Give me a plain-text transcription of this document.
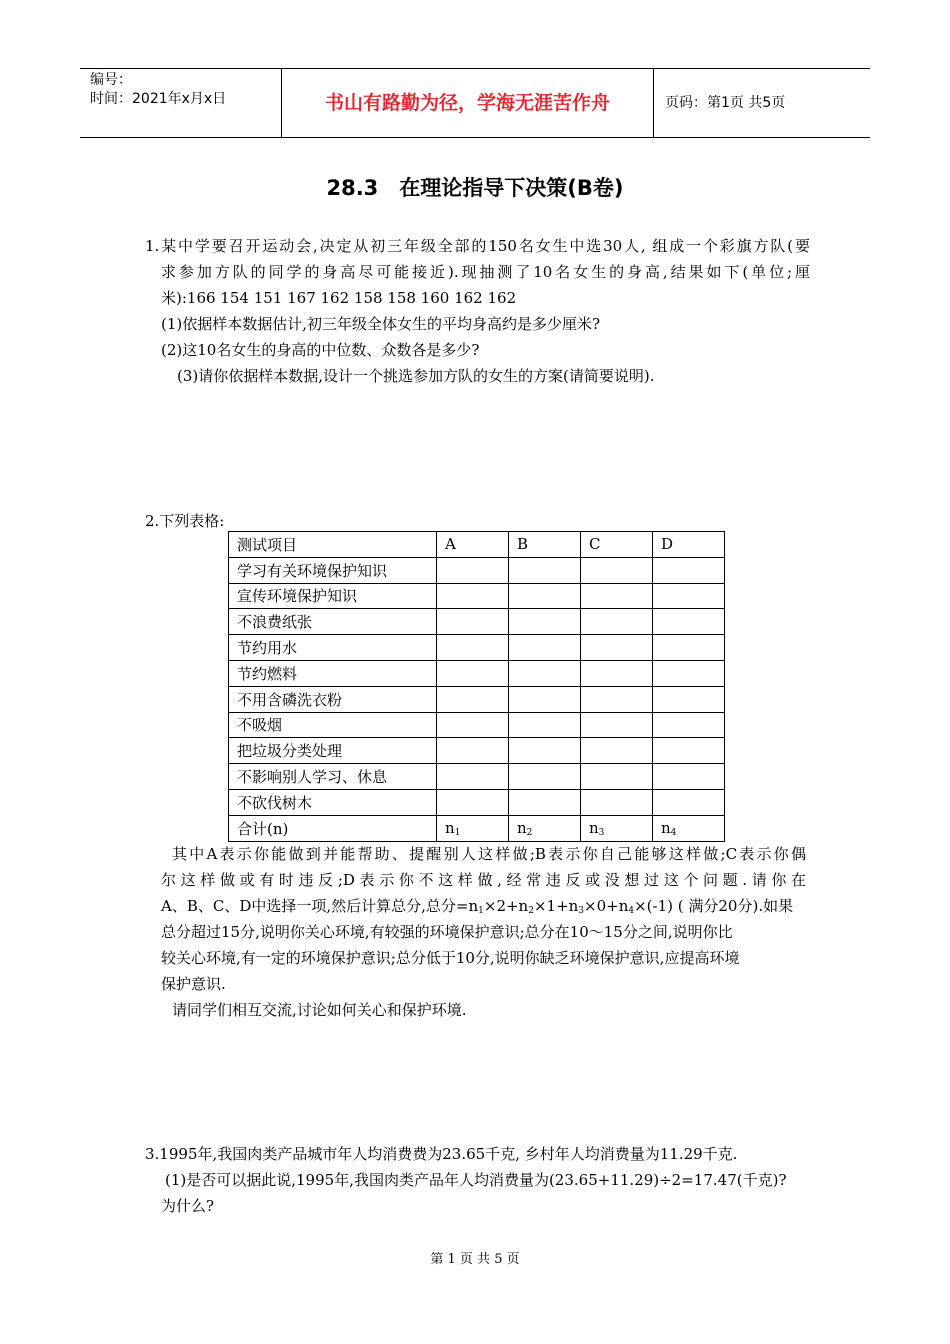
编号：
时间：2021年x月x日	书山有路勤为径，学海无涯苦作舟	页码：第1页 共5页
28.3　在理论指导下决策(B卷)
1.某中学要召开运动会,决定从初三年级全部的150名女生中选30人, 组成一个彩旗方队(要
求参加方队的同学的身高尽可能接近).现抽测了10名女生的身高,结果如下(单位;厘
米):166 154 151 167 162 158 158 160 162 162
(1)依据样本数据估计,初三年级全体女生的平均身高约是多少厘米?
(2)这10名女生的身高的中位数、众数各是多少?
(3)请你依据样本数据,设计一个挑选参加方队的女生的方案(请简要说明).
2.下列表格:
测试项目	A	B	C	D
学习有关环境保护知识				
宣传环境保护知识				
不浪费纸张				
节约用水				
节约燃料				
不用含磷洗衣粉				
不吸烟				
把垃圾分类处理				
不影响别人学习、休息				
不砍伐树木				
合计(n)	$n_1$	$n_2$	$n_3$	$n_4$
其中A表示你能做到并能帮助、提醒别人这样做;B表示你自己能够这样做;C表示你偶
尔这样做或有时违反;D表示你不这样做,经常违反或没想过这个问题.请你在
A、B、C、D中选择一项,然后计算总分,总分$=n_1\times 2+n_2\times 1+n_3\times 0+n_4\times(-1)$ ( 满分20分).如果
总分超过15分,说明你关心环境,有较强的环境保护意识;总分在10～15分之间,说明你比
较关心环境,有一定的环境保护意识;总分低于10分,说明你缺乏环境保护意识,应提高环境
保护意识.
请同学们相互交流,讨论如何关心和保护环境.
3.1995年,我国肉类产品城市年人均消费费为23.65千克, 乡村年人均消费量为11.29千克.
(1)是否可以据此说,1995年,我国肉类产品年人均消费量为(23.65+11.29)÷2=17.47(千克)?
为什么?
第 1 页 共 5 页
